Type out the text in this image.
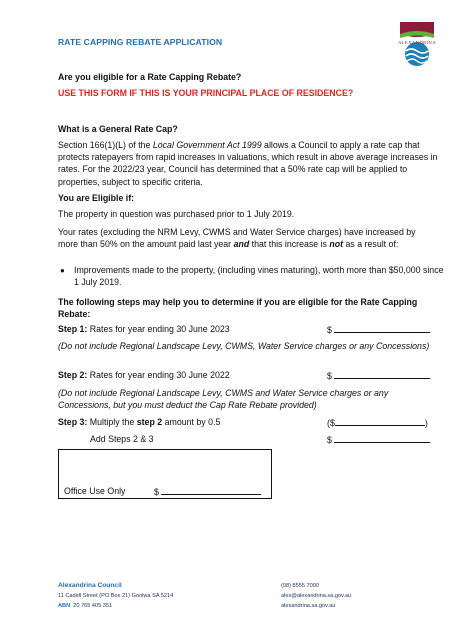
RATE CAPPING REBATE APPLICATION	ALEXANDRINA
Are you eligible for a Rate Capping Rebate?
USE THIS FORM IF THIS IS YOUR PRINCIPAL PLACE OF RESIDENCE?
What is a General Rate Cap?
Section 166(1)(L) of the Local Government Act 1999 allows a Council to apply a rate cap that protects ratepayers from rapid increases in valuations, which result in above average increases in rates. For the 2022/23 year, Council has determined that a 50% rate cap will be applied to properties, subject to specific criteria.
You are Eligible if:
The property in question was purchased prior to 1 July 2019.
Your rates (excluding the NRM Levy, CWMS and Water Service charges) have increased by more than 50% on the amount paid last year and that this increase is not as a result of:
● Improvements made to the property, (including vines maturing), worth more than $50,000 since 1 July 2019.
The following steps may help you to determine if you are eligible for the Rate Capping Rebate:
Step 1: Rates for year ending 30 June 2023	$
(Do not include Regional Landscape Levy, CWMS, Water Service charges or any Concessions)
Step 2: Rates for year ending 30 June 2022	$
(Do not include Regional Landscape Levy, CWMS and Water Service charges or any Concessions, but you must deduct the Cap Rate Rebate provided)
Step 3: Multiply the step 2 amount by 0.5	($	)
Add Steps 2 & 3	$
Office Use Only	$
Alexandrina Council
11 Cadell Street (PO Box 21) Goolwa SA 5214
ABN 20 765 405 351
(08) 8555 7000
alex@alexandrina.sa.gov.au
alexandrina.sa.gov.au
